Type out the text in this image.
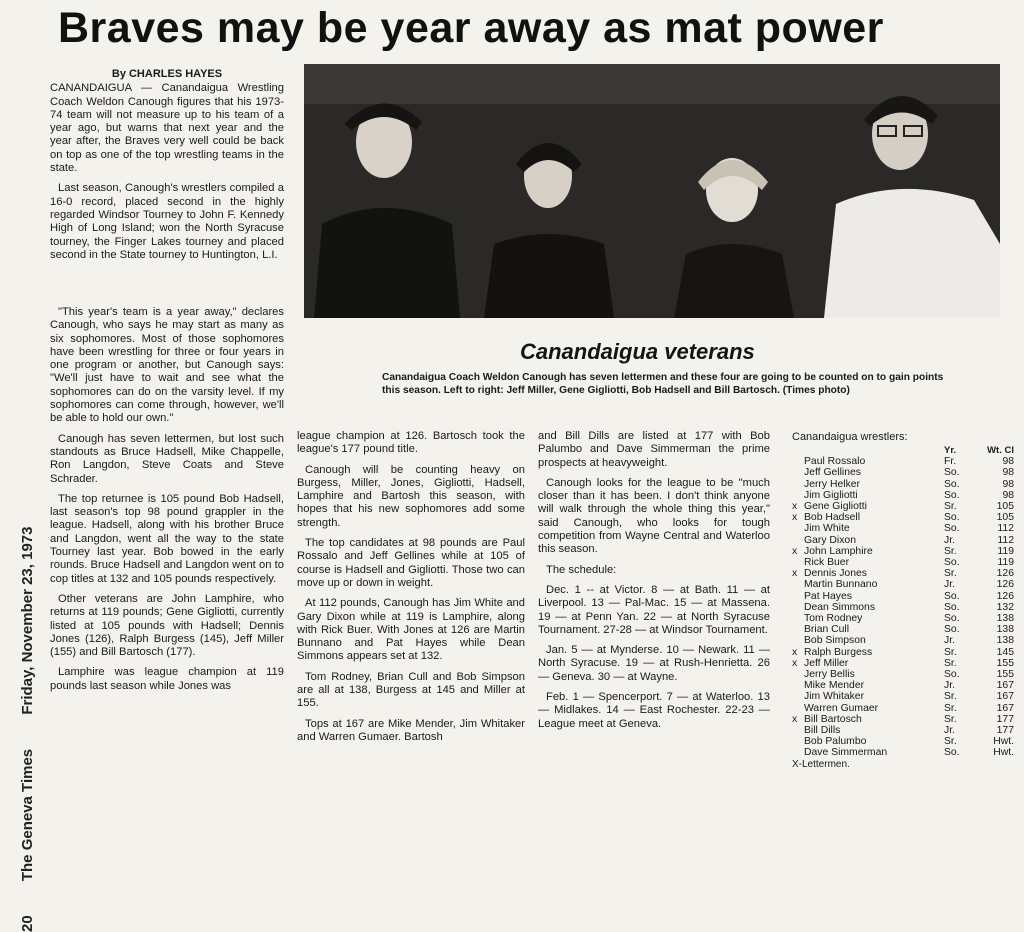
Braves may be year away as mat power
20 The Geneva Times Friday, November 23, 1973
By CHARLES HAYES

CANANDAIGUA — Canandaigua Wrestling Coach Weldon Canough figures that his 1973-74 team will not measure up to his team of a year ago, but warns that next year and the year after, the Braves very well could be back on top as one of the top wrestling teams in the state.

Last season, Canough's wrestlers compiled a 16-0 record, placed second in the highly regarded Windsor Tourney to John F. Kennedy High of Long Island; won the North Syracuse tourney, the Finger Lakes tourney and placed second in the State tourney to Huntington, L.I.

"This year's team is a year away," declares Canough, who says he may start as many as six sophomores. Most of those sophomores have been wrestling for three or four years in one program or another, but Canough says: "We'll just have to wait and see what the sophomores can do on the varsity level. If my sophomores can come through, however, we'll be able to hold our own."

Canough has seven lettermen, but lost such standouts as Bruce Hadsell, Mike Chappelle, Ron Langdon, Steve Coats and Steve Schrader.

The top returnee is 105 pound Bob Hadsell, last season's top 98 pound grappler in the league. Hadsell, along with his brother Bruce and Langdon, went all the way to the state Tourney last year. Bob bowed in the early rounds. Bruce Hadsell and Langdon went on to cop titles at 132 and 105 pounds respectively.

Other veterans are John Lamphire, who returns at 119 pounds; Gene Gigliotti, currently listed at 105 pounds with Hadsell; Dennis Jones (126), Ralph Burgess (145), Jeff Miller (155) and Bill Bartosch (177).

Lamphire was league champion at 119 pounds last season while Jones was

Canandaigua veterans
Canandaigua Coach Weldon Canough has seven lettermen and these four are going to be counted on to gain points this season. Left to right: Jeff Miller, Gene Gigliotti, Bob Hadsell and Bill Bartosch. (Times photo)

league champion at 126. Bartosch took the league's 177 pound title.

Canough will be counting heavy on Burgess, Miller, Jones, Gigliotti, Hadsell, Lamphire and Bartosh this season, with hopes that his new sophomores add some strength.

The top candidates at 98 pounds are Paul Rossalo and Jeff Gellines while at 105 of course is Hadsell and Gigliotti. Those two can move up or down in weight.

At 112 pounds, Canough has Jim White and Gary Dixon while at 119 is Lamphire, along with Rick Buer. With Jones at 126 are Martin Bunnano and Pat Hayes while Dean Simmons appears set at 132.

Tom Rodney, Brian Cull and Bob Simpson are all at 138, Burgess at 145 and Miller at 155.

Tops at 167 are Mike Mender, Jim Whitaker and Warren Gumaer. Bartosh

and Bill Dills are listed at 177 with Bob Palumbo and Dave Simmerman the prime prospects at heavyweight.

Canough looks for the league to be "much closer than it has been. I don't think anyone will walk through the whole thing this year," said Canough, who looks for tough competition from Wayne Central and Waterloo this season.

The schedule:

Dec. 1 -- at Victor. 8 — at Bath. 11 — at Liverpool. 13 — Pal-Mac. 15 — at Massena. 19 — at Penn Yan. 22 — at North Syracuse Tournament. 27-28 — at Windsor Tournament.

Jan. 5 — at Mynderse. 10 — Newark. 11 — North Syracuse. 19 — at Rush-Henrietta. 26 — Geneva. 30 — at Wayne.

Feb. 1 — Spencerport. 7 — at Waterloo. 13 — Midlakes. 14 — East Rochester. 22-23 — League meet at Geneva.

Canandaigua wrestlers:
Yr.	Wt. Cl
Paul Rossalo	Fr.	98
Jeff Gellines	So.	98
Jerry Helker	So.	98
Jim Gigliotti	So.	98
x Gene Gigliotti	Sr.	105
x Bob Hadsell	So.	105
Jim White	So.	112
Gary Dixon	Jr.	112
x John Lamphire	Sr.	119
Rick Buer	So.	119
x Dennis Jones	Sr.	126
Martin Bunnano	Jr.	126
Pat Hayes	So.	126
Dean Simmons	So.	132
Tom Rodney	So.	138
Brian Cull	So.	138
Bob Simpson	Jr.	138
x Ralph Burgess	Sr.	145
x Jeff Miller	Sr.	155
Jerry Bellis	So.	155
Mike Mender	Jr.	167
Jim Whitaker	Sr.	167
Warren Gumaer	Sr.	167
x Bill Bartosch	Sr.	177
Bill Dills	Jr.	177
Bob Palumbo	Sr.	Hwt.
Dave Simmerman	So.	Hwt.
X-Lettermen.
